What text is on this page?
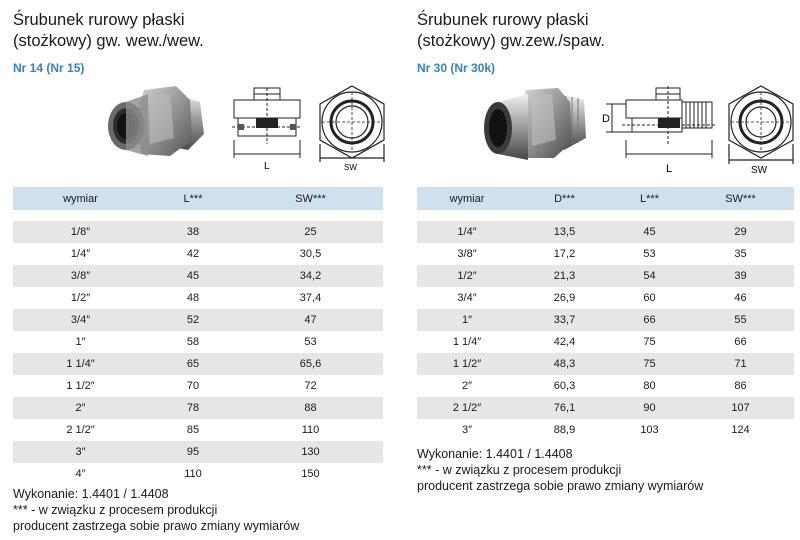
Śrubunek rurowy płaski
(stożkowy) gw. wew./wew.
Nr 14 (Nr 15)
L	SW
wymiar	L***	SW***

1/8″	38	25
1/4″	42	30,5
3/8″	45	34,2
1/2″	48	37,4
3/4″	52	47
1″	58	53
1 1/4″	65	65,6
1 1/2″	70	72
2″	78	88
2 1/2″	85	110
3″	95	130
4″	110	150
Wykonanie: 1.4401 / 1.4408
*** - w związku z procesem produkcji
producent zastrzega sobie prawo zmiany wymiarów
Śrubunek rurowy płaski
(stożkowy) gw.zew./spaw.
Nr 30 (Nr 30k)
D
L	SW
wymiar	D***	L***	SW***

1/4″	13,5	45	29
3/8″	17,2	53	35
1/2″	21,3	54	39
3/4″	26,9	60	46
1″	33,7	66	55
1 1/4″	42,4	75	66
1 1/2″	48,3	75	71
2″	60,3	80	86
2 1/2″	76,1	90	107
3″	88,9	103	124
Wykonanie: 1.4401 / 1.4408
*** - w związku z procesem produkcji
producent zastrzega sobie prawo zmiany wymiarów
